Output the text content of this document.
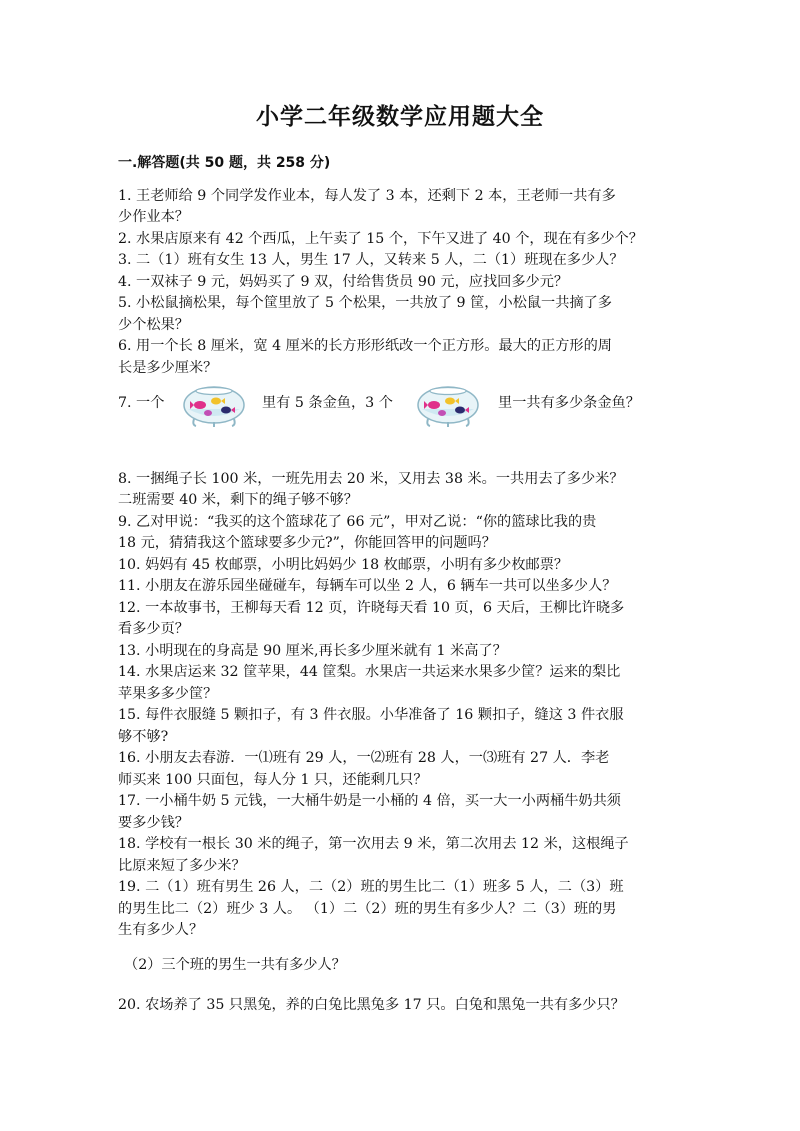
小学二年级数学应用题大全
一.解答题(共 50 题，共 258 分)
1. 王老师给 9 个同学发作业本，每人发了 3 本，还剩下 2 本，王老师一共有多
少作业本？
2. 水果店原来有 42 个西瓜，上午卖了 15 个，下午又进了 40 个，现在有多少个？
3. 二（1）班有女生 13 人，男生 17 人，又转来 5 人，二（1）班现在多少人？
4. 一双袜子 9 元，妈妈买了 9 双，付给售货员 90 元，应找回多少元？
5. 小松鼠摘松果，每个筐里放了 5 个松果，一共放了 9 筐，小松鼠一共摘了多
少个松果？
6. 用一个长 8 厘米，宽 4 厘米的长方形形纸改一个正方形。最大的正方形的周
长是多少厘米？
7. 一个	里有 5 条金鱼，3 个	里一共有多少条金鱼？
8. 一捆绳子长 100 米，一班先用去 20 米，又用去 38 米。一共用去了多少米？
二班需要 40 米，剩下的绳子够不够？
9. 乙对甲说：“我买的这个篮球花了 66 元”，甲对乙说：“你的篮球比我的贵
18 元，猜猜我这个篮球要多少元?”，你能回答甲的问题吗？
10. 妈妈有 45 枚邮票，小明比妈妈少 18 枚邮票，小明有多少枚邮票？
11. 小朋友在游乐园坐碰碰车，每辆车可以坐 2 人，6 辆车一共可以坐多少人？
12. 一本故事书，王柳每天看 12 页，许晓每天看 10 页，6 天后，王柳比许晓多
看多少页？
13. 小明现在的身高是 90 厘米,再长多少厘米就有 1 米高了？
14. 水果店运来 32 筐苹果，44 筐梨。水果店一共运来水果多少筐？运来的梨比
苹果多多少筐？
15. 每件衣服缝 5 颗扣子，有 3 件衣服。小华准备了 16 颗扣子，缝这 3 件衣服
够不够?
16. 小朋友去春游．一⑴班有 29 人，一⑵班有 28 人，一⑶班有 27 人．李老
师买来 100 只面包，每人分 1 只，还能剩几只？
17. 一小桶牛奶 5 元钱，一大桶牛奶是一小桶的 4 倍，买一大一小两桶牛奶共须
要多少钱？
18. 学校有一根长 30 米的绳子，第一次用去 9 米，第二次用去 12 米，这根绳子
比原来短了多少米？
19. 二（1）班有男生 26 人，二（2）班的男生比二（1）班多 5 人，二（3）班
的男生比二（2）班少 3 人。 （1）二（2）班的男生有多少人？二（3）班的男
生有多少人？
（2）三个班的男生一共有多少人？
20. 农场养了 35 只黑兔，养的白兔比黑兔多 17 只。白兔和黑兔一共有多少只？
